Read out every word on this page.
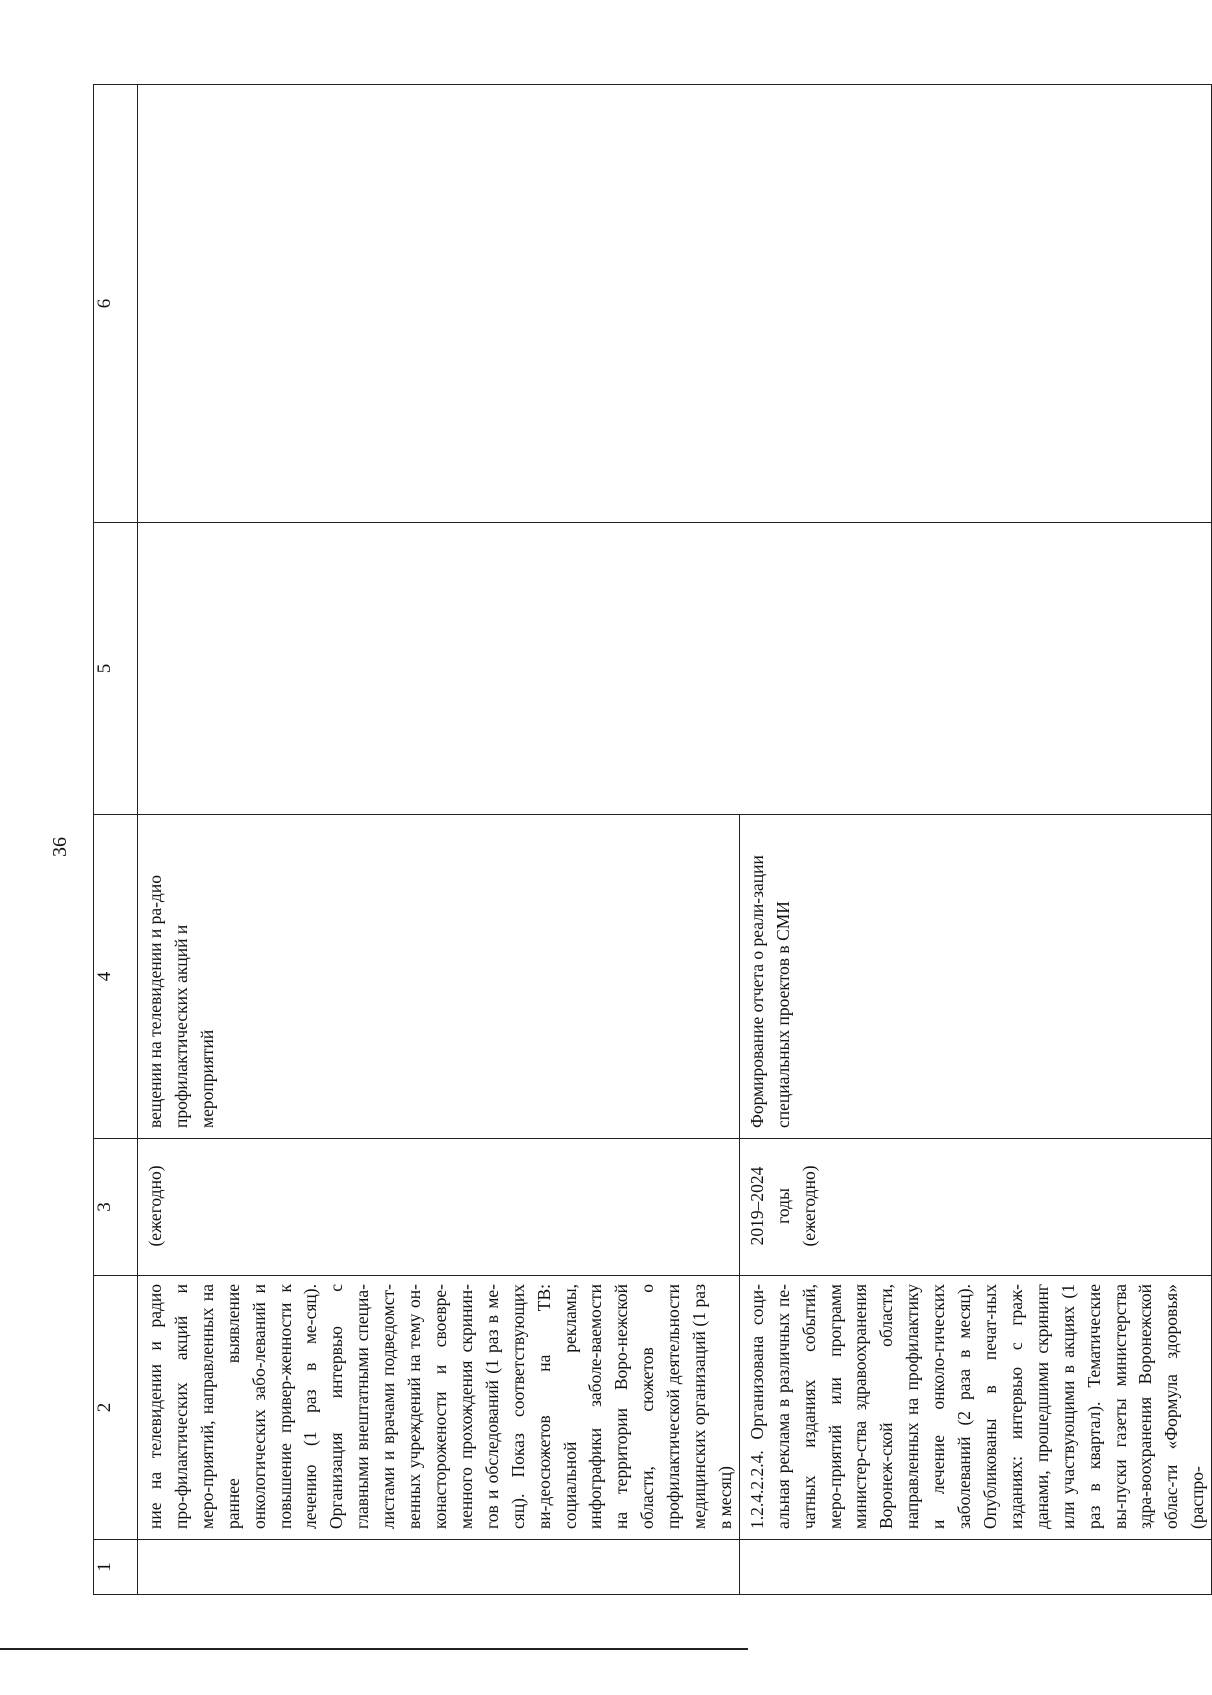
36
1	2	3	4	5	6

	ние на телевидении и радио про-филактических акций и меро-приятий, направленных на раннее выявление онкологических забо-леваний и повышение привер-женности к лечению (1 раз в ме-сяц). Организация интервью с главными внештатными специа-листами и врачами подведомст-венных учреждений на тему он-конасторожености и своевре-менного прохождения скринин-гов и обследований (1 раз в ме-сяц). Показ соответствующих ви-деосюжетов на ТВ: социальной рекламы, инфографики заболе-ваемости на территории Воро-нежской области, сюжетов о профилактической деятельности медицинских организаций (1 раз в месяц)	(ежегодно)	вещении на телевидении и ра-дио профилактических акций и мероприятий		

	1.2.4.2.2.4. Организована соци-альная реклама в различных пе-чатных изданиях событий, меро-приятий или программ министер-ства здравоохранения Воронеж-ской области, направленных на профилактику и лечение онколо-гических заболеваний (2 раза в месяц). Опубликованы в печат-ных изданиях: интервью с граж-данами, прошедшими скрининг или участвующими в акциях (1 раз в квартал). Тематические вы-пуски газеты министерства здра-воохранения Воронежской облас-ти «Формула здоровья» (распро-	2019–2024 годы (ежегодно)	Формирование отчета о реали-зации специальных проектов в СМИ		
